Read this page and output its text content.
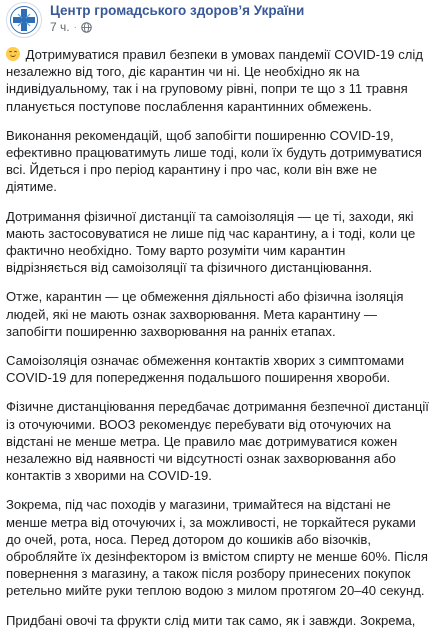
Центр громадського здоров’я України
7 ч. ·

Дотримуватися правил безпеки в умовах пандемії COVID-19 слід незалежно від того, діє карантин чи ні. Це необхідно як на індивідуальному, так і на груповому рівні, попри те що з 11 травня планується поступове послаблення карантинних обмежень.

Виконання рекомендацій, щоб запобігти поширенню COVID-19, ефективно працюватимуть лише тоді, коли їх будуть дотримуватися всі. Йдеться і про період карантину і про час, коли він вже не діятиме.

Дотримання фізичної дистанції та самоізоляція — це ті, заходи, які мають застосовуватися не лише під час карантину, а і тоді, коли це фактично необхідно. Тому варто розуміти чим карантин відрізняється від самоізоляції та фізичного дистанціювання.

Отже, карантин — це обмеження діяльності або фізична ізоляція людей, які не мають ознак захворювання. Мета карантину — запобігти поширенню захворювання на ранніх етапах.

Самоізоляція означає обмеження контактів хворих з симптомами COVID-19 для попередження подальшого поширення хвороби.

Фізичне дистанціювання передбачає дотримання безпечної дистанції із оточуючими. ВООЗ рекомендує перебувати від оточуючих на відстані не менше метра. Це правило має дотримуватися кожен незалежно від наявності чи відсутності ознак захворювання або контактів з хворими на COVID-19.

Зокрема, під час походів у магазини, тримайтеся на відстані не менше метра від оточуючих і, за можливості, не торкайтеся руками до очей, рота, носа. Перед дотором до кошиків або візочків, обробляйте їх дезінфектором із вмістом спирту не менше 60%. Після повернення з магазину, а також після розбору принесених покупок ретельно мийте руки теплою водою з милом протягом 20–40 секунд.

Придбані овочі та фрукти слід мити так само, як і завжди. Зокрема,
